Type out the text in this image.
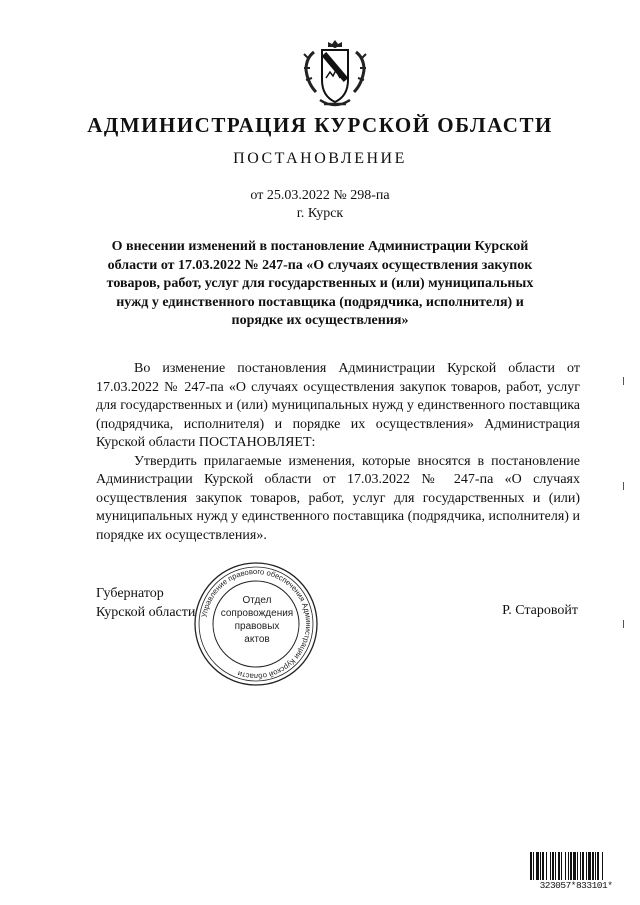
АДМИНИСТРАЦИЯ КУРСКОЙ ОБЛАСТИ
ПОСТАНОВЛЕНИЕ
от 25.03.2022 № 298-па
г. Курск
О внесении изменений в постановление Администрации Курской области от 17.03.2022 № 247-па «О случаях осуществления закупок товаров, работ, услуг для государственных и (или) муниципальных нужд у единственного поставщика (подрядчика, исполнителя) и порядке их осуществления»

Во изменение постановления Администрации Курской области от 17.03.2022 № 247-па «О случаях осуществления закупок товаров, работ, услуг для государственных и (или) муниципальных нужд у единственного поставщика (подрядчика, исполнителя) и порядке их осуществления» Администрация Курской области ПОСТАНОВЛЯЕТ:

Утвердить прилагаемые изменения, которые вносятся в постановление Администрации Курской области от 17.03.2022 № 247-па «О случаях осуществления закупок товаров, работ, услуг для государственных и (или) муниципальных нужд у единственного поставщика (подрядчика, исполнителя) и порядке их осуществления».

Губернатор
Курской области	Р. Старовойт
Управление правового обеспечения Администрации Курской области
Отдел
сопровождения
правовых
актов
323057*833101*
